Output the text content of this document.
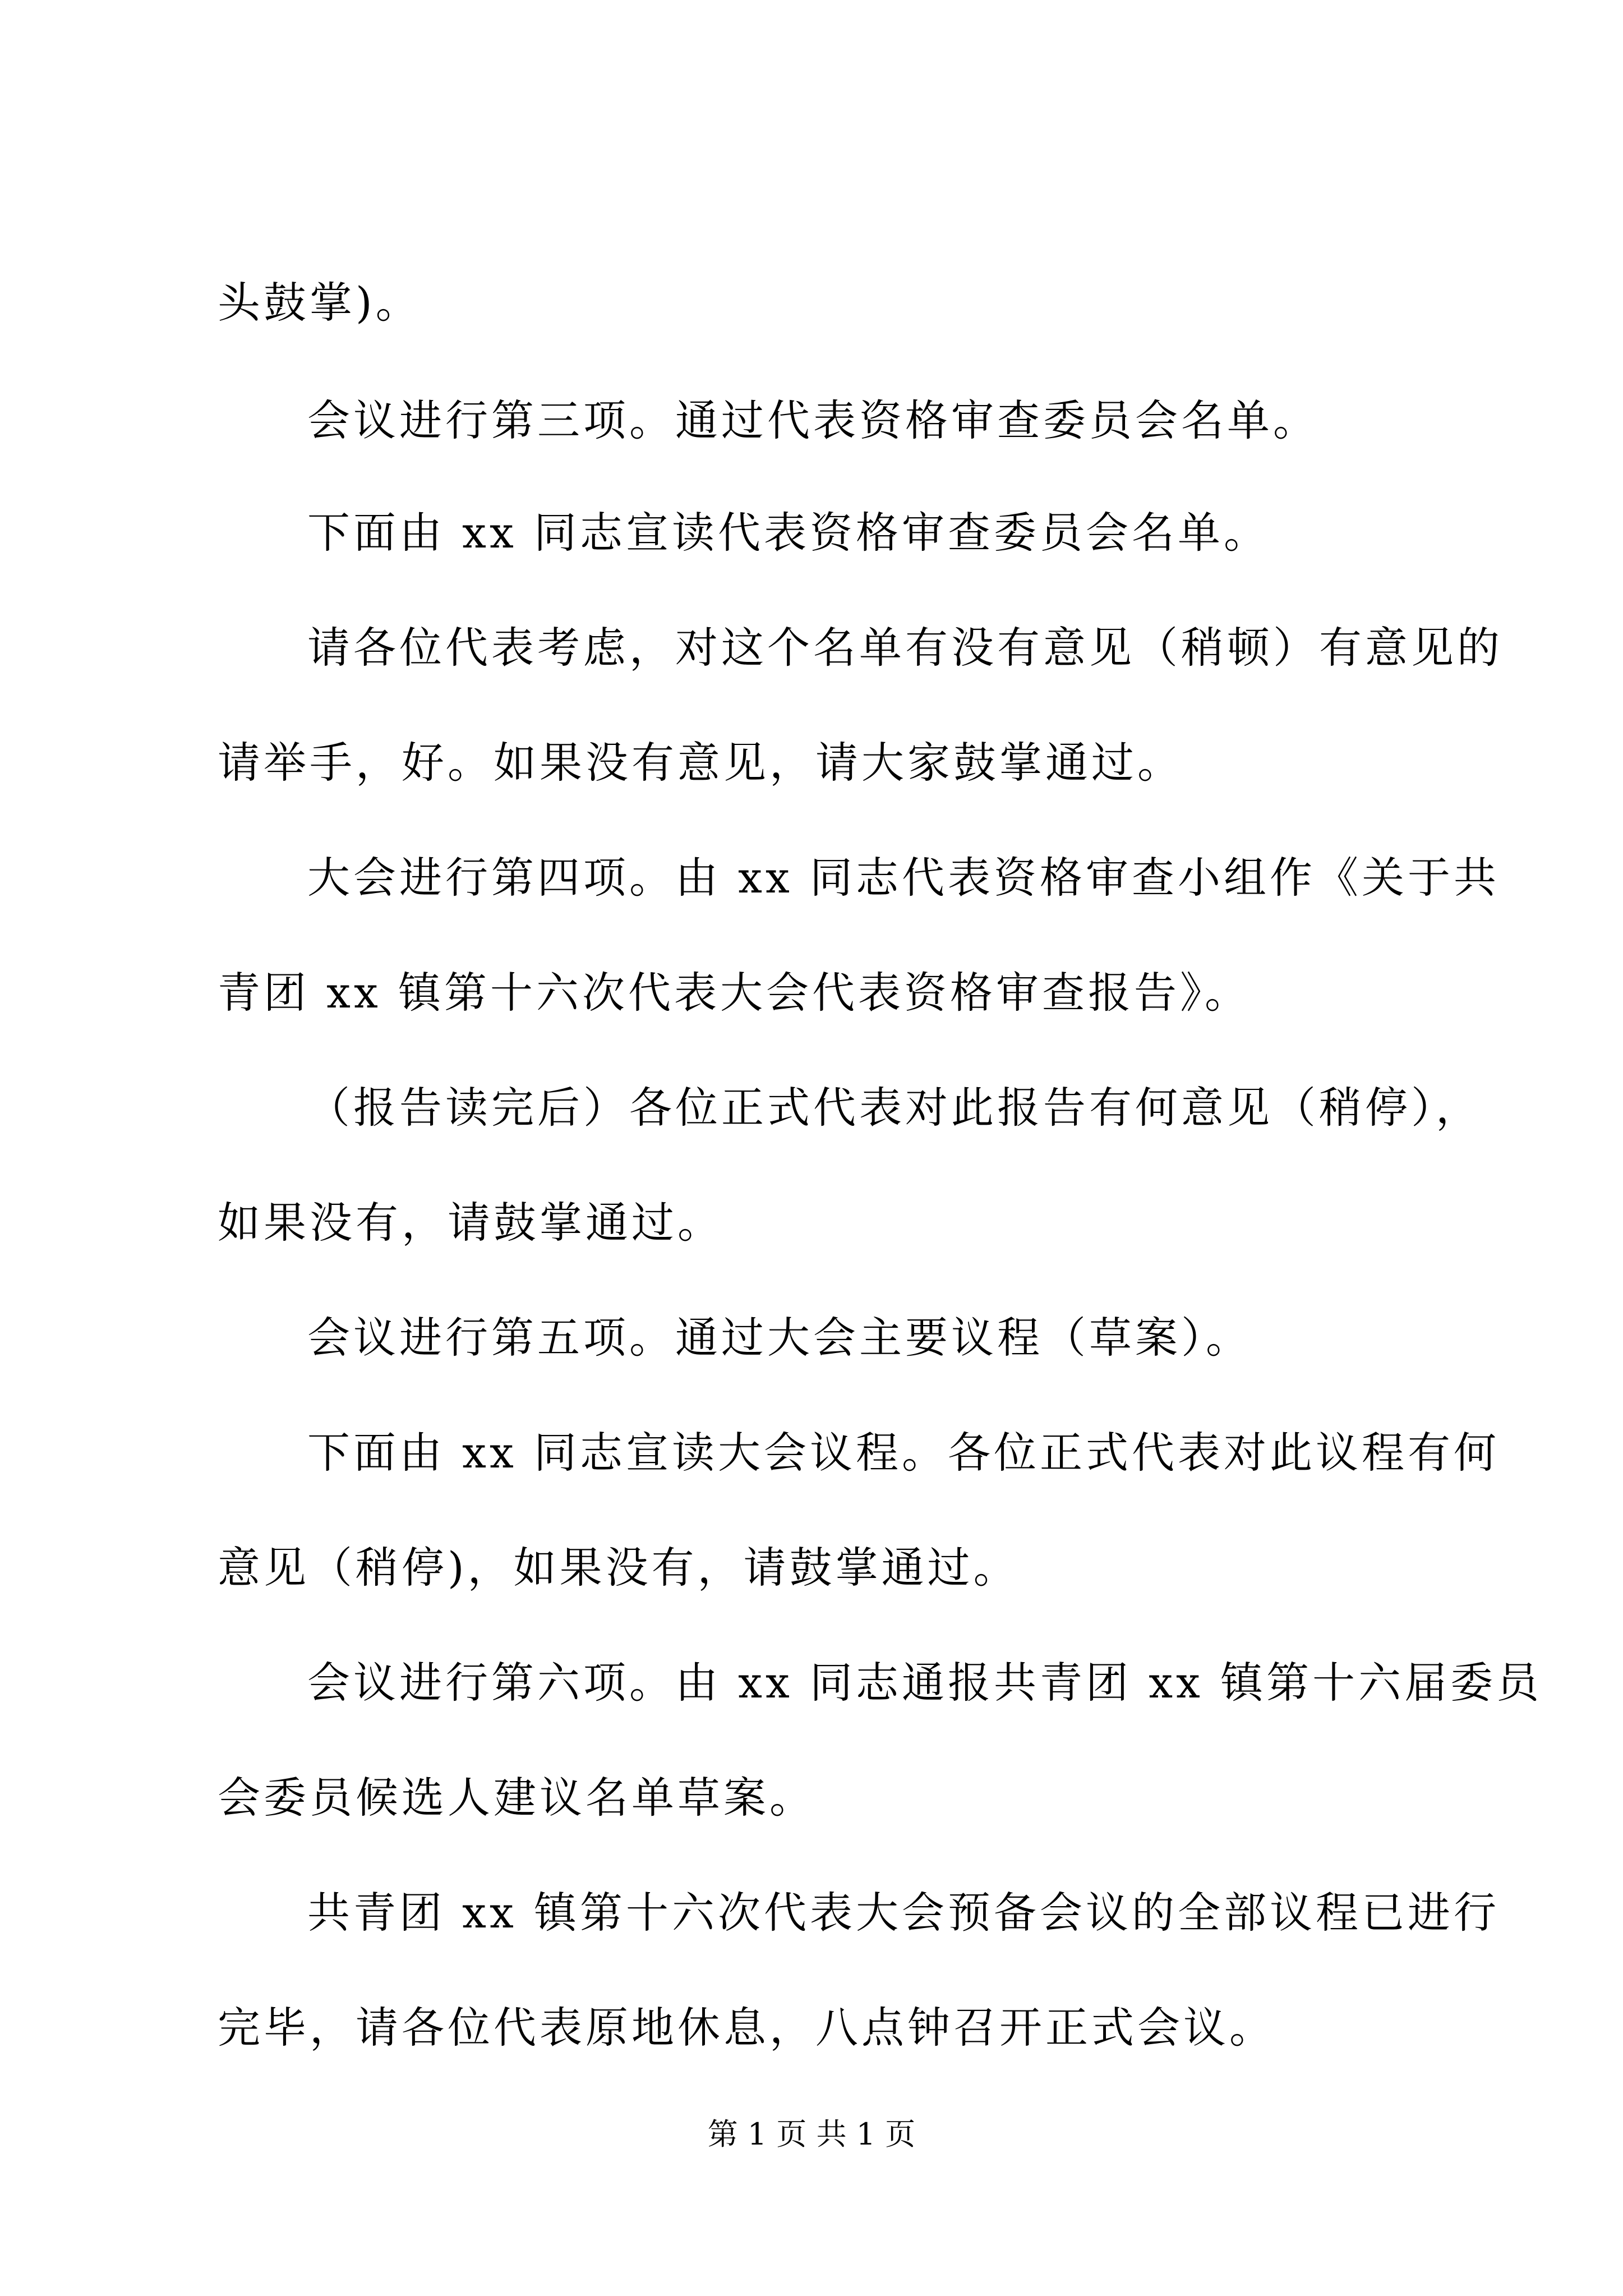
头鼓掌)。
会议进行第三项。通过代表资格审查委员会名单。
下面由 xx 同志宣读代表资格审查委员会名单。
请各位代表考虑，对这个名单有没有意见（稍顿）有意见的
请举手，好。如果没有意见，请大家鼓掌通过。
大会进行第四项。由 xx 同志代表资格审查小组作《关于共
青团 xx 镇第十六次代表大会代表资格审查报告》。
（报告读完后）各位正式代表对此报告有何意见（稍停），
如果没有，请鼓掌通过。
会议进行第五项。通过大会主要议程（草案）。
下面由 xx 同志宣读大会议程。各位正式代表对此议程有何
意见（稍停)，如果没有，请鼓掌通过。
会议进行第六项。由 xx 同志通报共青团 xx 镇第十六届委员
会委员候选人建议名单草案。
共青团 xx 镇第十六次代表大会预备会议的全部议程已进行
完毕，请各位代表原地休息，八点钟召开正式会议。
第 1 页 共 1 页
